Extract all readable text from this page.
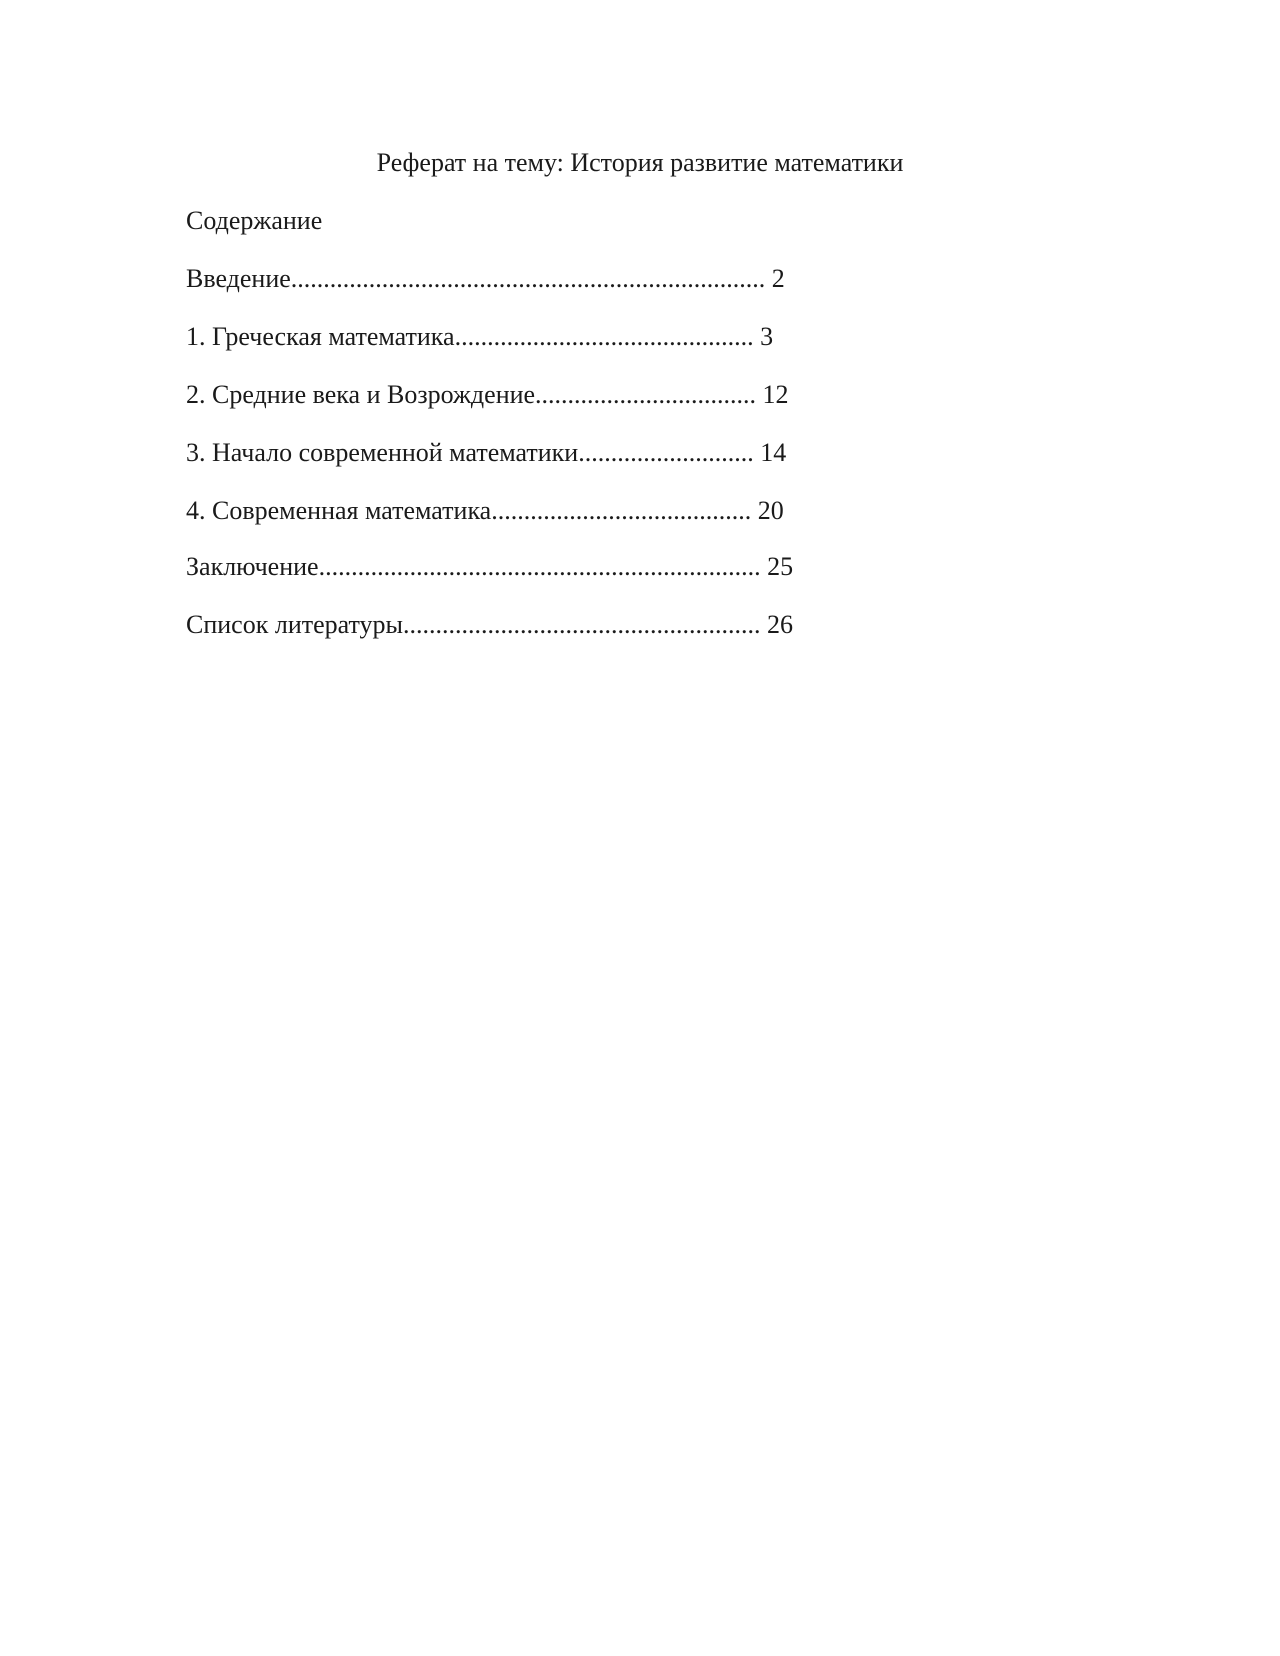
Реферат на тему: История развитие математики
Содержание
Введение......................................................................... 2
1. Греческая математика.............................................. 3
2. Средние века и Возрождение.................................. 12
3. Начало современной математики........................... 14
4. Современная математика........................................ 20
Заключение.................................................................... 25
Список литературы....................................................... 26
